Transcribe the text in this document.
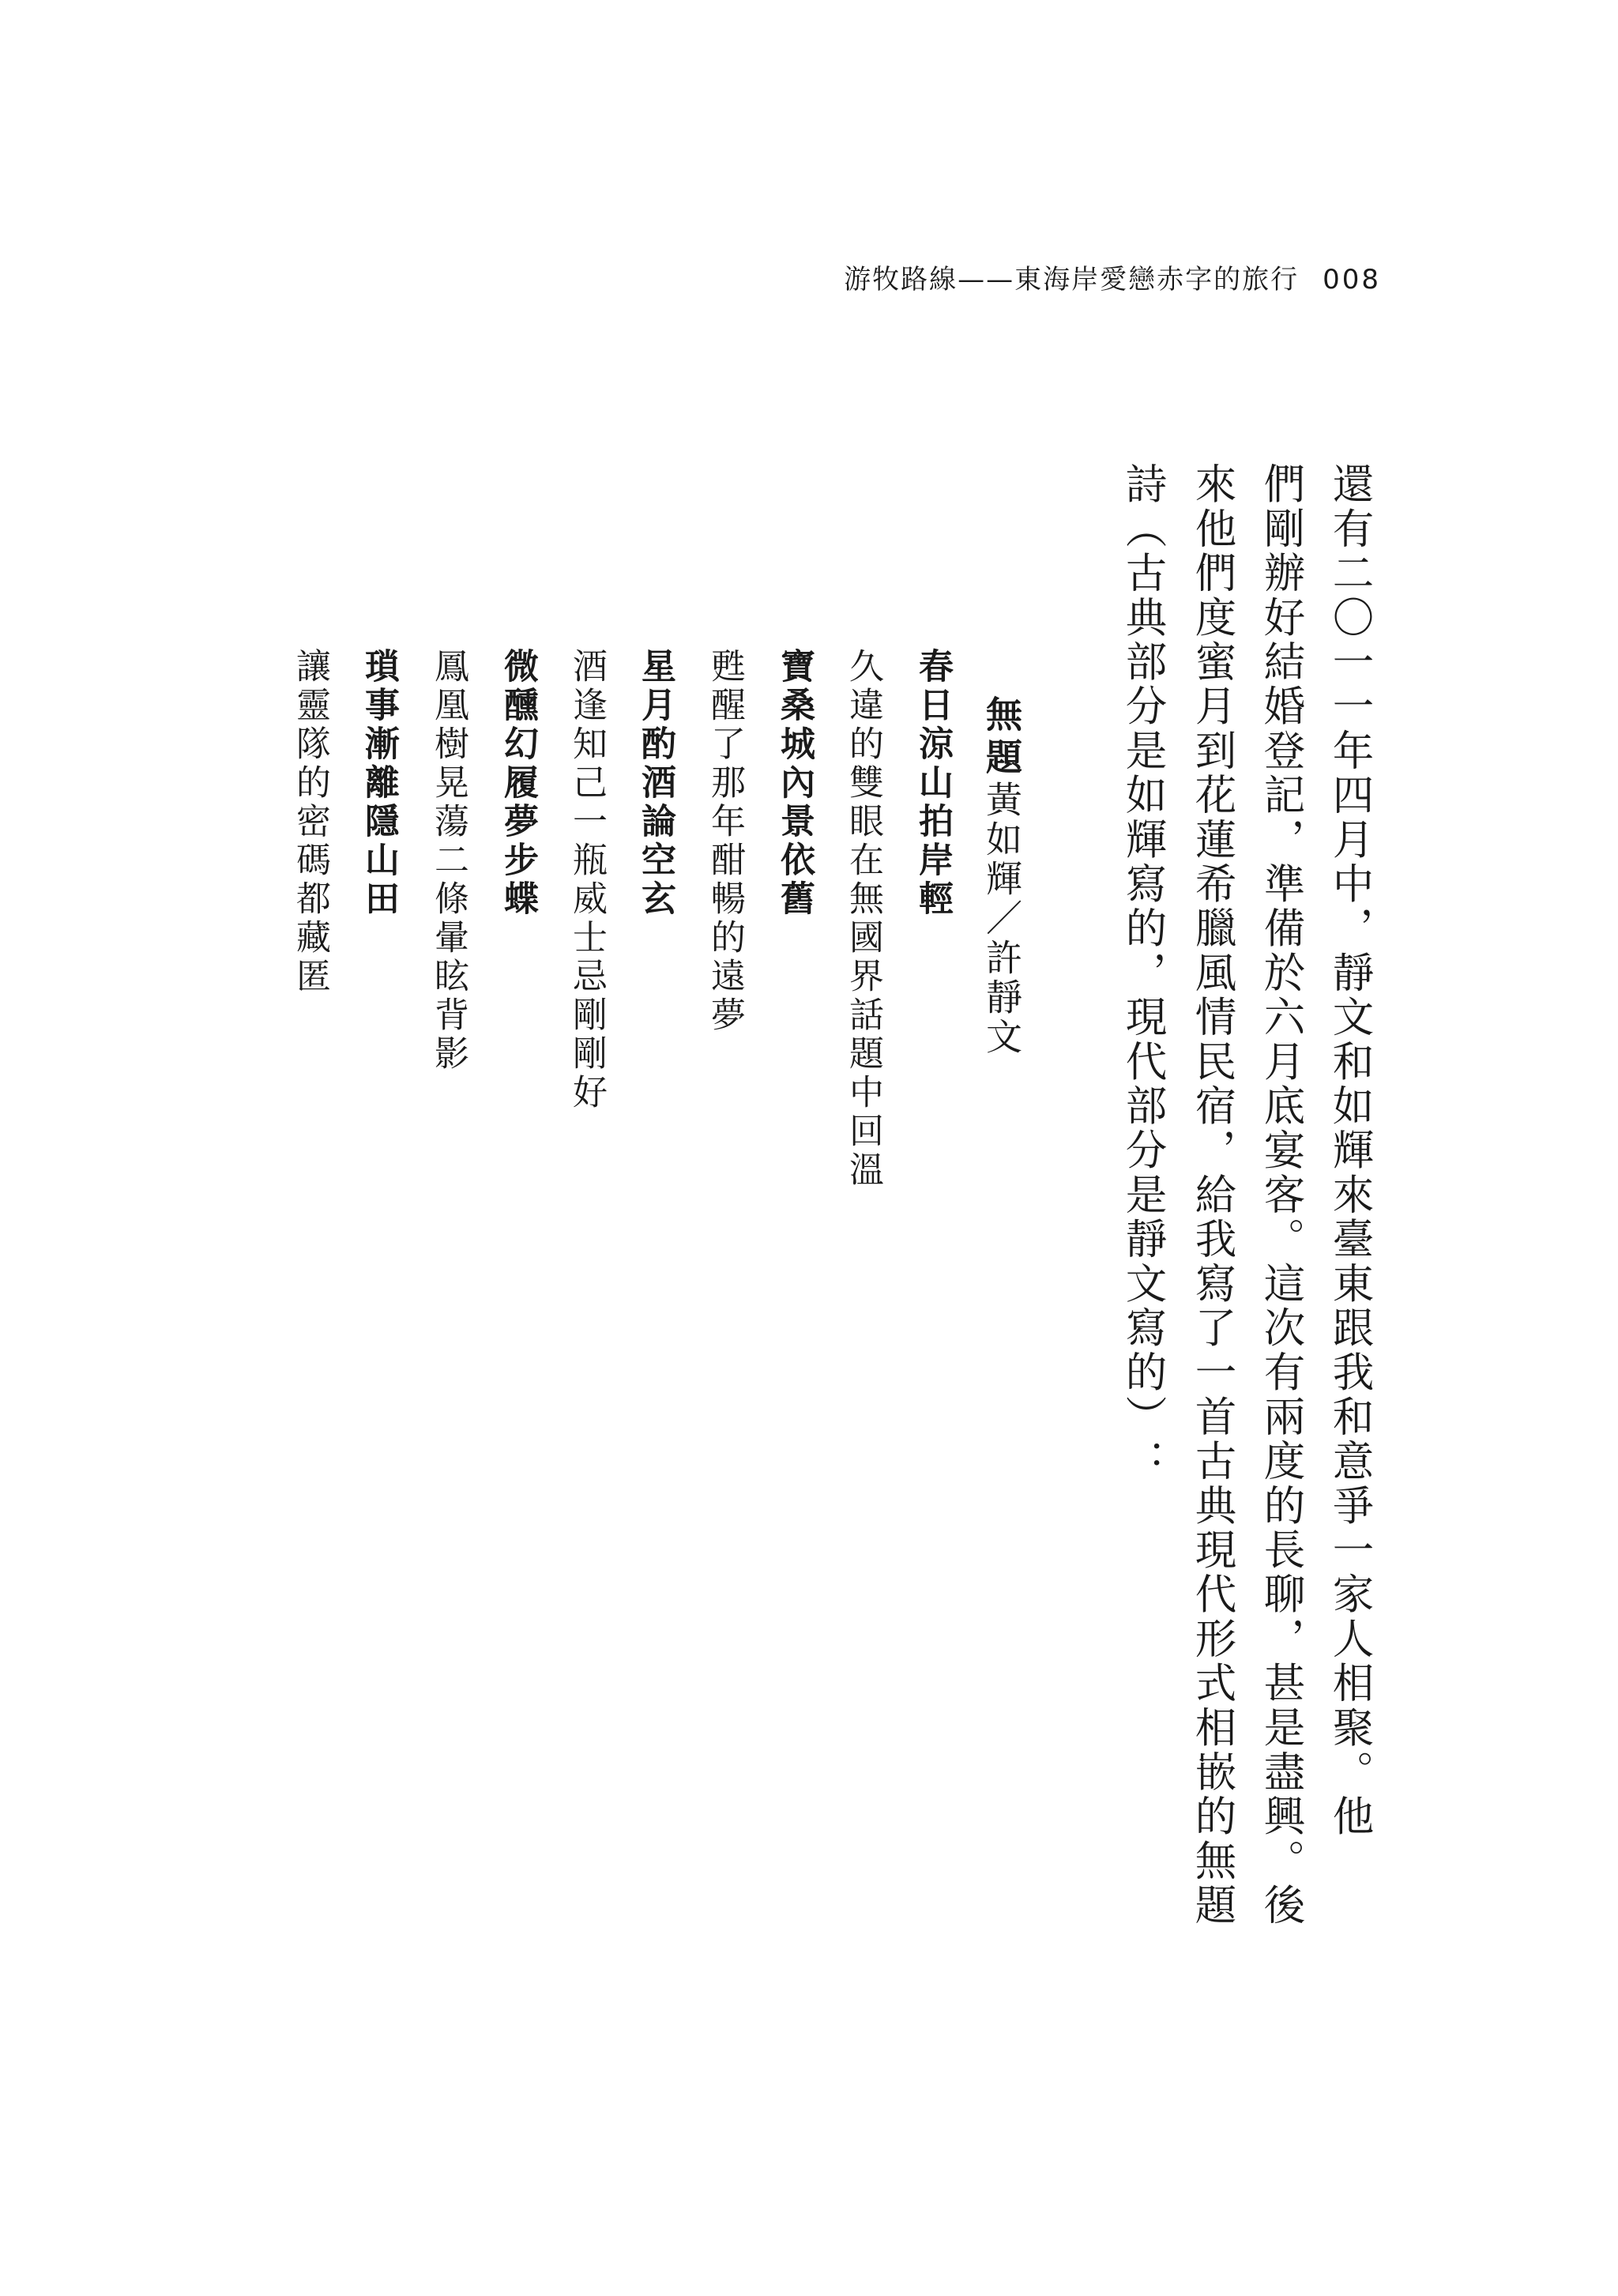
游牧路線——東海岸愛戀赤字的旅行 008
還有二〇一一年四月中，靜文和如輝來臺東跟我和意爭一家人相聚。他
們剛辦好結婚登記，準備於六月底宴客。這次有兩度的長聊，甚是盡興。後
來他們度蜜月到花蓮希臘風情民宿，給我寫了一首古典現代形式相嵌的無題
詩（古典部分是如輝寫的，現代部分是靜文寫的）：
無題黃如輝／許靜文
春日涼山拍岸輕
久違的雙眼在無國界話題中回溫
寶桑城內景依舊
甦醒了那年酣暢的遠夢
星月酌酒論空玄
酒逢知己一瓶威士忌剛剛好
微醺幻履夢步蝶
鳳凰樹晃蕩二條暈眩背影
瑣事漸離隱山田
讓靈隊的密碼都藏匿
